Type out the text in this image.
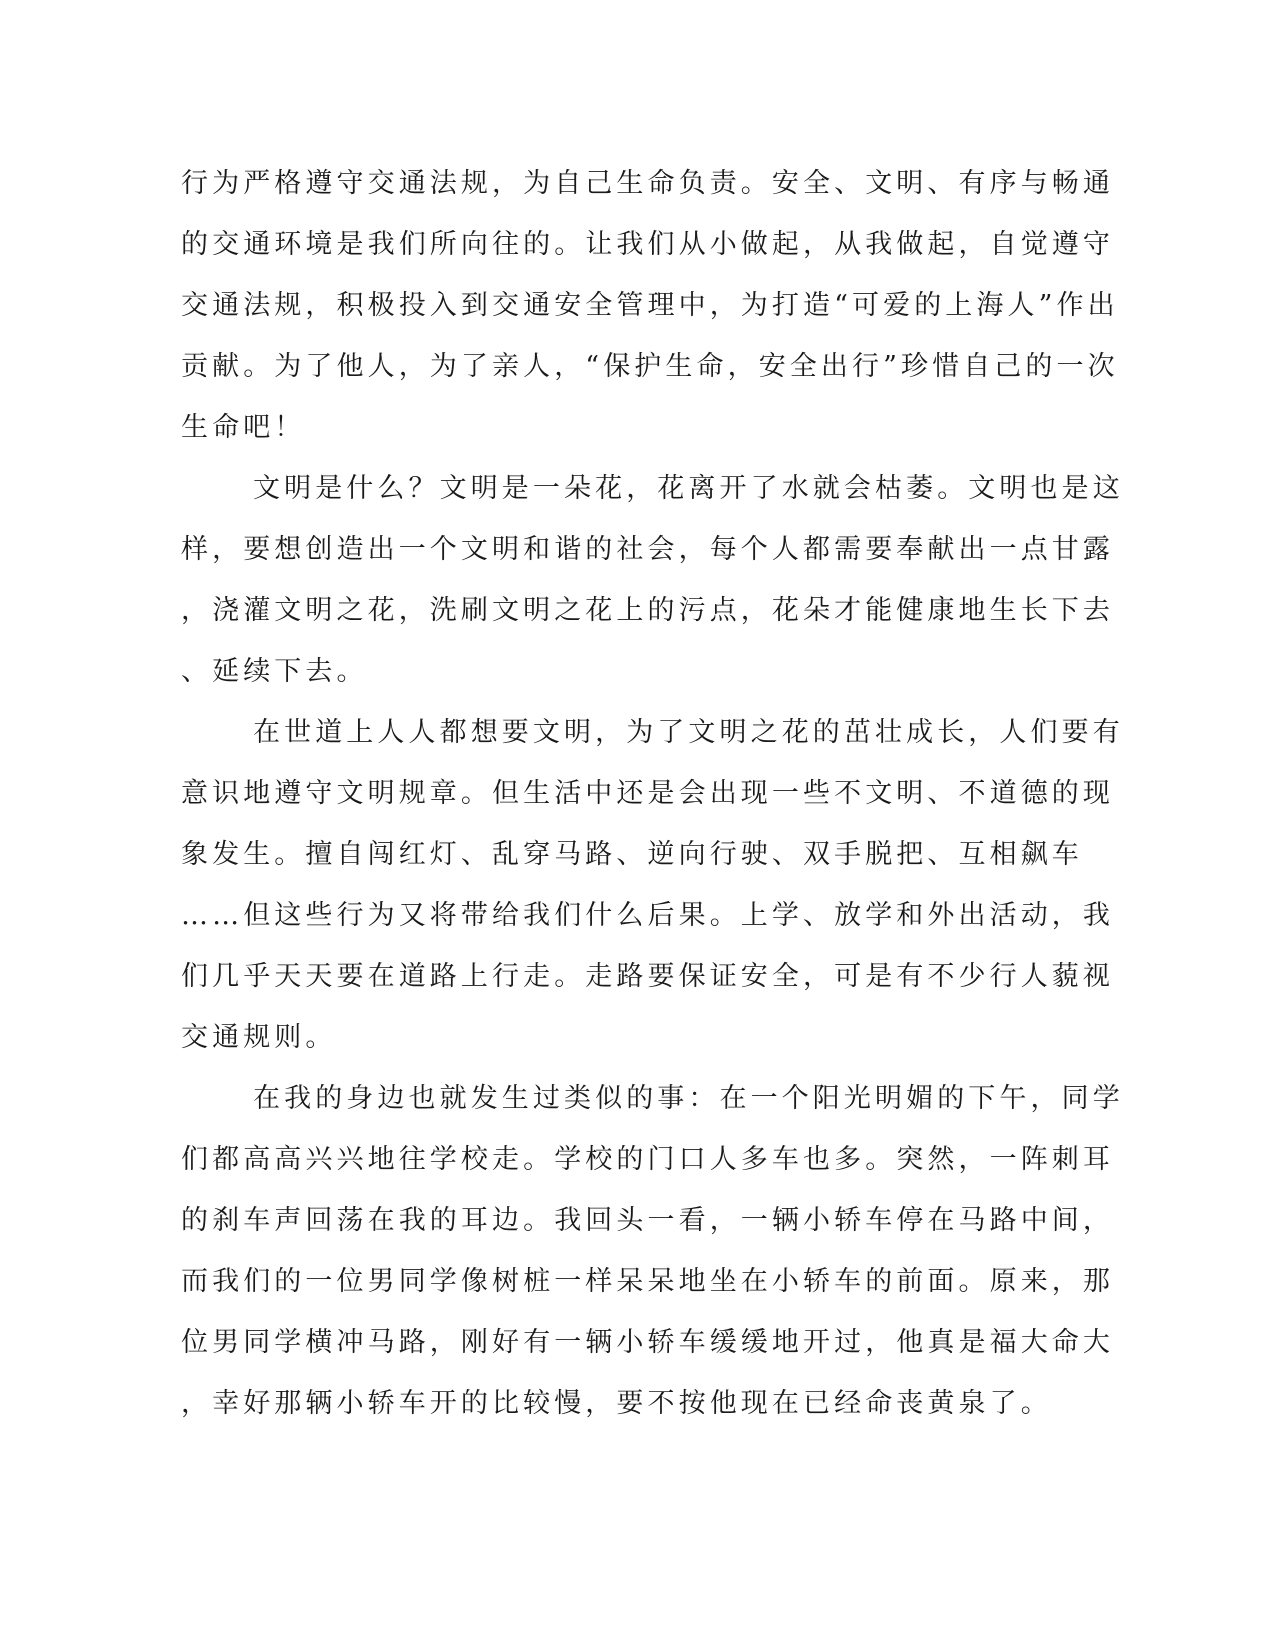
行为严格遵守交通法规，为自己生命负责。安全、文明、有序与畅通
的交通环境是我们所向往的。让我们从小做起，从我做起，自觉遵守
交通法规，积极投入到交通安全管理中，为打造“可爱的上海人”作出
贡献。为了他人，为了亲人，“保护生命，安全出行”珍惜自己的一次
生命吧！
文明是什么？文明是一朵花，花离开了水就会枯萎。文明也是这
样，要想创造出一个文明和谐的社会，每个人都需要奉献出一点甘露
，浇灌文明之花，洗刷文明之花上的污点，花朵才能健康地生长下去
、延续下去。
在世道上人人都想要文明，为了文明之花的茁壮成长，人们要有
意识地遵守文明规章。但生活中还是会出现一些不文明、不道德的现
象发生。擅自闯红灯、乱穿马路、逆向行驶、双手脱把、互相飙车
……但这些行为又将带给我们什么后果。上学、放学和外出活动，我
们几乎天天要在道路上行走。走路要保证安全，可是有不少行人藐视
交通规则。
在我的身边也就发生过类似的事：在一个阳光明媚的下午，同学
们都高高兴兴地往学校走。学校的门口人多车也多。突然，一阵刺耳
的刹车声回荡在我的耳边。我回头一看，一辆小轿车停在马路中间，
而我们的一位男同学像树桩一样呆呆地坐在小轿车的前面。原来，那
位男同学横冲马路，刚好有一辆小轿车缓缓地开过，他真是福大命大
，幸好那辆小轿车开的比较慢，要不按他现在已经命丧黄泉了。
